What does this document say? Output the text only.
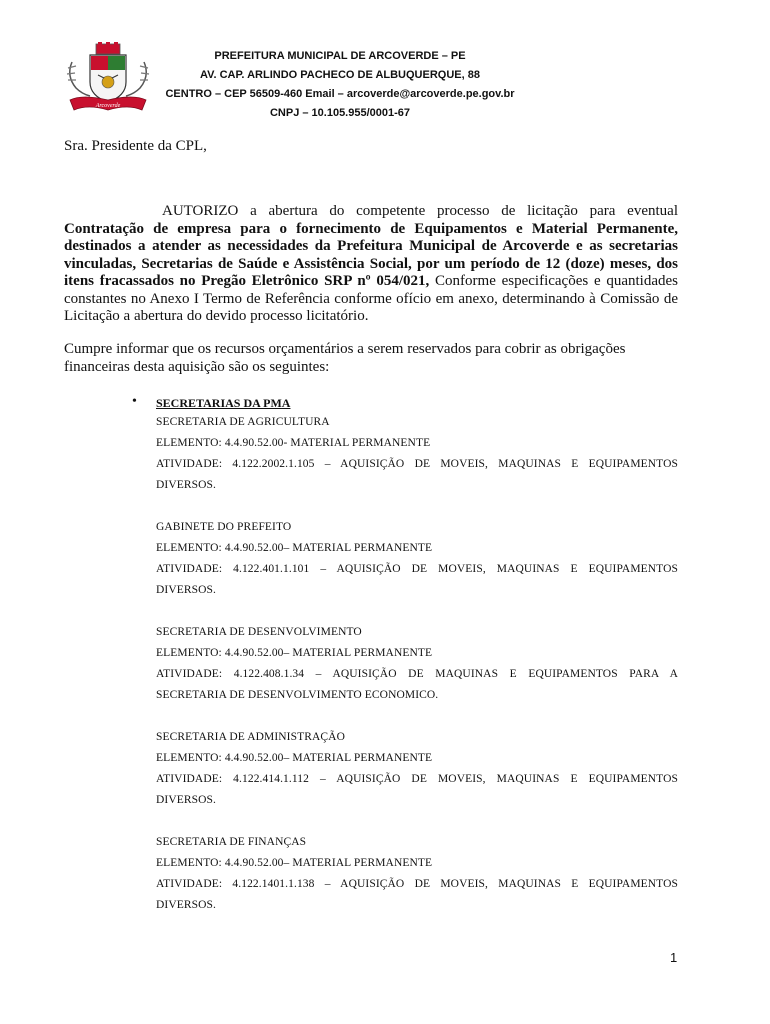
Arcoverde
PREFEITURA MUNICIPAL DE ARCOVERDE – PE
AV. CAP. ARLINDO PACHECO DE ALBUQUERQUE, 88
CENTRO – CEP 56509-460 Email – arcoverde@arcoverde.pe.gov.br
CNPJ – 10.105.955/0001-67
Sra. Presidente da CPL,
AUTORIZO a abertura do competente processo de licitação para eventual Contratação de empresa para o fornecimento de Equipamentos e Material Permanente, destinados a atender as necessidades da Prefeitura Municipal de Arcoverde e as secretarias vinculadas, Secretarias de Saúde e Assistência Social, por um período de 12 (doze) meses, dos itens fracassados no Pregão Eletrônico SRP nº 054/021, Conforme especificações e quantidades constantes no Anexo I Termo de Referência conforme ofício em anexo, determinando à Comissão de Licitação a abertura do devido processo licitatório.
Cumpre informar que os recursos orçamentários a serem reservados para cobrir as obrigações financeiras desta aquisição são os seguintes:
• SECRETARIAS DA PMA
SECRETARIA DE AGRICULTURA
ELEMENTO: 4.4.90.52.00- MATERIAL PERMANENTE
ATIVIDADE: 4.122.2002.1.105 – AQUISIÇÃO DE MOVEIS, MAQUINAS E EQUIPAMENTOS
DIVERSOS.
GABINETE DO PREFEITO
ELEMENTO: 4.4.90.52.00– MATERIAL PERMANENTE
ATIVIDADE: 4.122.401.1.101 – AQUISIÇÃO DE MOVEIS, MAQUINAS E EQUIPAMENTOS
DIVERSOS.
SECRETARIA DE DESENVOLVIMENTO
ELEMENTO: 4.4.90.52.00– MATERIAL PERMANENTE
ATIVIDADE: 4.122.408.1.34 – AQUISIÇÃO DE MAQUINAS E EQUIPAMENTOS PARA A
SECRETARIA DE DESENVOLVIMENTO ECONOMICO.
SECRETARIA DE ADMINISTRAÇÃO
ELEMENTO: 4.4.90.52.00– MATERIAL PERMANENTE
ATIVIDADE: 4.122.414.1.112 – AQUISIÇÃO DE MOVEIS, MAQUINAS E EQUIPAMENTOS
DIVERSOS.
SECRETARIA DE FINANÇAS
ELEMENTO: 4.4.90.52.00– MATERIAL PERMANENTE
ATIVIDADE: 4.122.1401.1.138 – AQUISIÇÃO DE MOVEIS, MAQUINAS E EQUIPAMENTOS
DIVERSOS.
1
